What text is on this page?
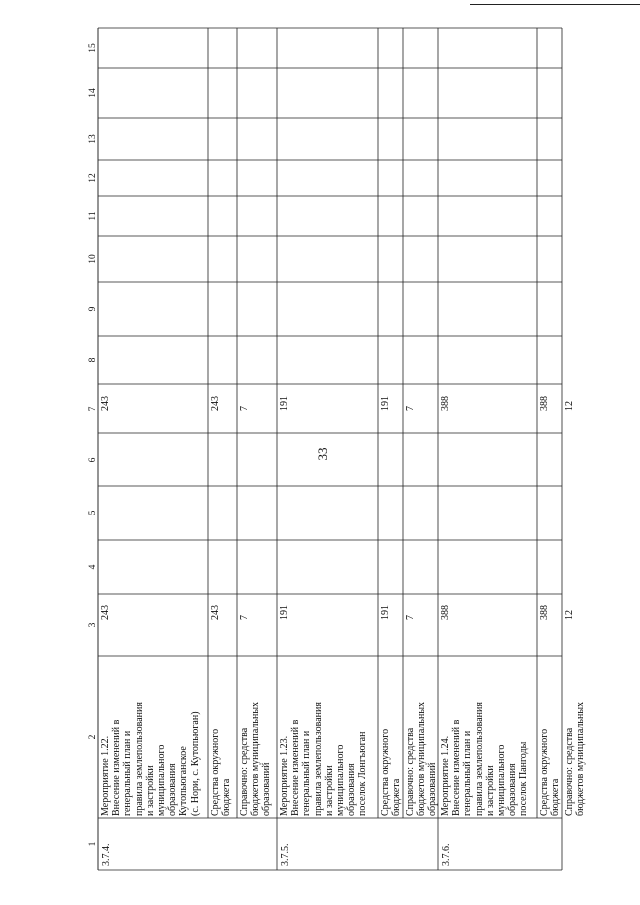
33
1
2
3
4
5
6
7
8
9
10
11
12
13
14
15
3.7.4.
Мероприятие 1.22. Внесение изменений в генеральный план и правила землепользования и застройки муниципального образования Кутопьюганское (с. Нори, с. Кутопьюган)
243
243
Средства окружного бюджета
243
243
Справочно: средства бюджетов муниципальных образований
7
7
3.7.5.
Мероприятие 1.23. Внесение изменений в генеральный план и правила землепользования и застройки муниципального образования поселок Лонгъюган
191
191
Средства окружного бюджета
191
191
Справочно: средства бюджетов муниципальных образований
7
7
3.7.6.
Мероприятие 1.24. Внесение изменений в генеральный план и правила землепользования и застройки муниципального образования поселок Пангоды
388
388
Средства окружного бюджета
388
388
Справочно: средства бюджетов муниципальных
12
12
